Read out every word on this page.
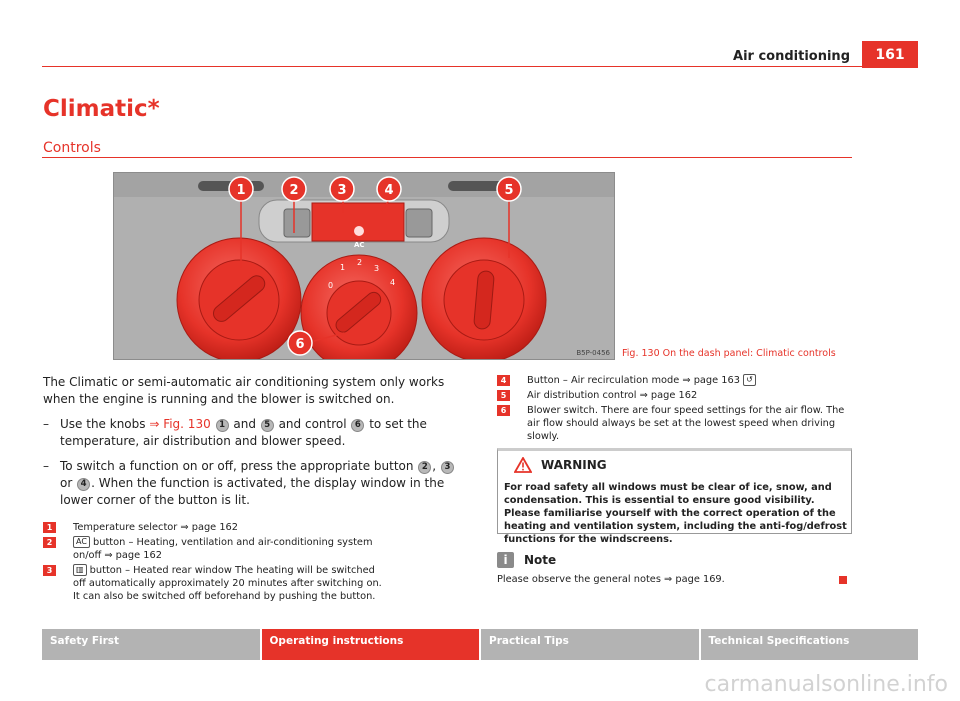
Air conditioning	161
Climatic*
Controls
AC
0
1
2
3
4
1	2	3	4	5
6
B5P-0456 Fig. 130 On the dash panel: Climatic controls

The Climatic or semi-automatic air conditioning system only works when the engine is running and the blower is switched on.

– Use the knobs ⇒ Fig. 130 1 and 5 and control 6 to set the temperature, air distribution and blower speed.
– To switch a function on or off, press the appropriate button 2 , 3 or 4 . When the function is activated, the display window in the lower corner of the button is lit.
1	Temperature selector ⇒ page 162
2	AC button – Heating, ventilation and air-conditioning system on/off ⇒ page 162
3	▥ button – Heated rear window The heating will be switched off automatically approximately 20 minutes after switching on. It can also be switched off beforehand by pushing the button.
4	Button – Air recirculation mode ⇒ page 163 ↺
5	Air distribution control ⇒ page 162
6	Blower switch. There are four speed settings for the air flow. The air flow should always be set at the lowest speed when driving slowly.
WARNING
For road safety all windows must be clear of ice, snow, and condensation. This is essential to ensure good visibility. Please familiarise yourself with the correct operation of the heating and ventilation system, including the anti-fog/defrost functions for the windscreens.
i	Note
Please observe the general notes ⇒ page 169.
Safety First	Operating instructions	Practical Tips	Technical Specifications
carmanualsonline.info
